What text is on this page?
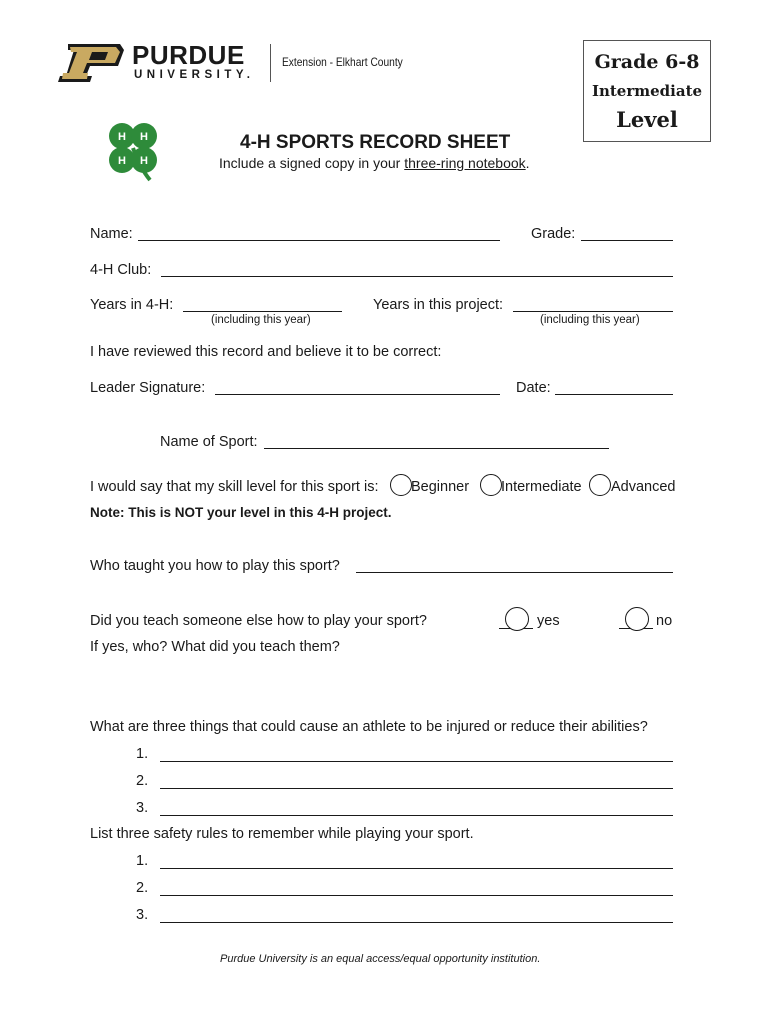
PURDUE
UNIVERSITY.
Extension - Elkhart County	Grade 6-8
Intermediate
Level
H H
H H
4-H SPORTS RECORD SHEET
Include a signed copy in your three-ring notebook.
Name:	Grade:
4-H Club:
Years in 4-H:
(including this year)
Years in this project:
(including this year)
I have reviewed this record and believe it to be correct:
Leader Signature:	Date:
Name of Sport:
I would say that my skill level for this sport is: Beginner Intermediate Advanced
Note: This is NOT your level in this 4-H project.
Who taught you how to play this sport?
Did you teach someone else how to play your sport?	yes	no
If yes, who? What did you teach them?
What are three things that could cause an athlete to be injured or reduce their abilities?
1.
2.
3.
List three safety rules to remember while playing your sport.
1.
2.
3.
Purdue University is an equal access/equal opportunity institution.
